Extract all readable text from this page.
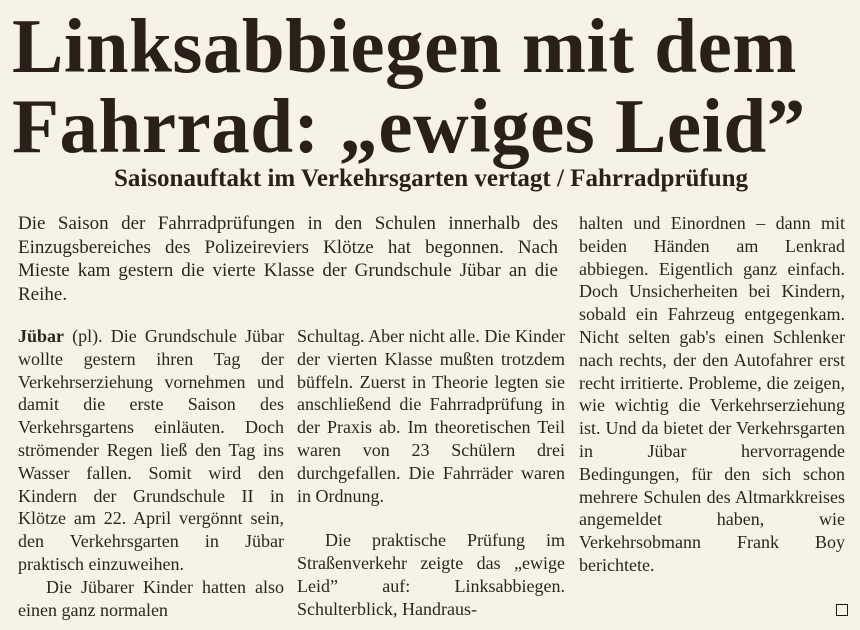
Linksabbiegen mit dem
Fahrrad: „ewiges Leid”
Saisonauftakt im Verkehrsgarten vertagt / Fahrradprüfung

Die Saison der Fahrradprüfungen in den Schulen innerhalb des Einzugsbereiches des Polizeireviers Klötze hat begonnen. Nach Mieste kam gestern die vierte Klasse der Grundschule Jübar an die Reihe.

Jübar (pl). Die Grundschule Jübar wollte gestern ihren Tag der Verkehrserziehung vornehmen und damit die erste Saison des Verkehrsgartens einläuten. Doch strömender Regen ließ den Tag ins Wasser fallen. Somit wird den Kindern der Grundschule II in Klötze am 22. April vergönnt sein, den Verkehrsgarten in Jübar praktisch einzuweihen.

Die Jübarer Kinder hatten also einen ganz normalen

Schultag. Aber nicht alle. Die Kinder der vierten Klasse mußten trotzdem büffeln. Zuerst in Theorie legten sie anschließend die Fahrradprüfung in der Praxis ab. Im theoretischen Teil waren von 23 Schülern drei durchgefallen. Die Fahrräder waren in Ordnung.

Die praktische Prüfung im Straßenverkehr zeigte das „ewige Leid” auf: Linksabbiegen. Schulterblick, Handraus-

halten und Einordnen – dann mit beiden Händen am Lenkrad abbiegen. Eigentlich ganz einfach. Doch Unsicherheiten bei Kindern, sobald ein Fahrzeug entgegenkam. Nicht selten gab's einen Schlenker nach rechts, der den Autofahrer erst recht irritierte. Probleme, die zeigen, wie wichtig die Verkehrserziehung ist. Und da bietet der Verkehrsgarten in Jübar hervorragende Bedingungen, für den sich schon mehrere Schulen des Altmarkkreises angemeldet haben, wie Verkehrsobmann Frank Boy berichtete.
